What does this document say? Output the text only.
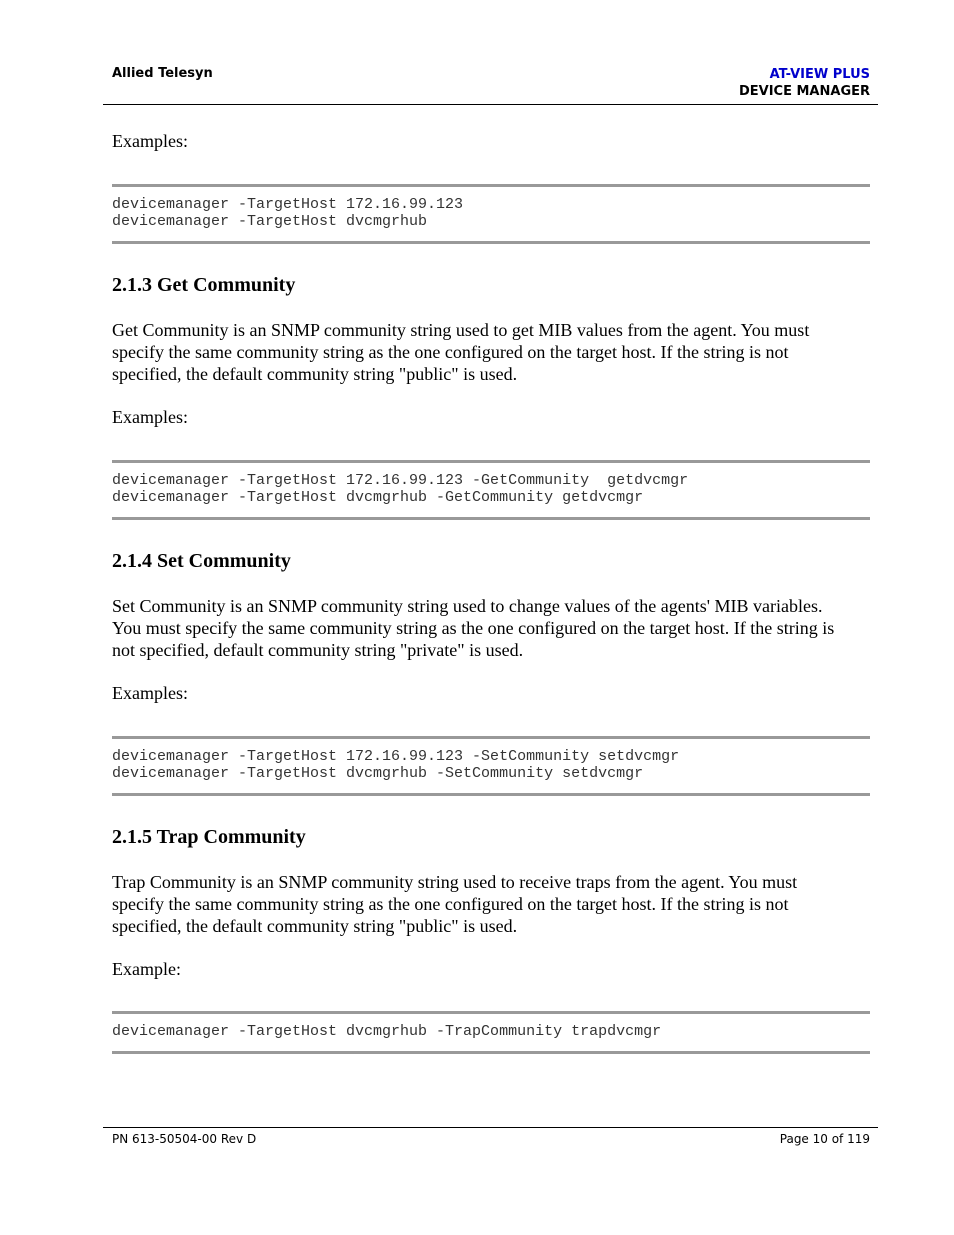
Allied Telesyn	AT-VIEW PLUS
DEVICE MANAGER
Examples:
devicemanager -TargetHost 172.16.99.123
devicemanager -TargetHost dvcmgrhub
2.1.3 Get Community
Get Community is an SNMP community string used to get MIB values from the agent. You must
specify the same community string as the one configured on the target host. If the string is not
specified, the default community string "public" is used.
Examples:
devicemanager -TargetHost 172.16.99.123 -GetCommunity  getdvcmgr
devicemanager -TargetHost dvcmgrhub -GetCommunity getdvcmgr
2.1.4 Set Community
Set Community is an SNMP community string used to change values of the agents' MIB variables.
You must specify the same community string as the one configured on the target host. If the string is
not specified, default community string "private" is used.
Examples:
devicemanager -TargetHost 172.16.99.123 -SetCommunity setdvcmgr
devicemanager -TargetHost dvcmgrhub -SetCommunity setdvcmgr
2.1.5 Trap Community
Trap Community is an SNMP community string used to receive traps from the agent. You must
specify the same community string as the one configured on the target host. If the string is not
specified, the default community string "public" is used.
Example:
devicemanager -TargetHost dvcmgrhub -TrapCommunity trapdvcmgr
PN 613-50504-00 Rev D	Page 10 of 119
